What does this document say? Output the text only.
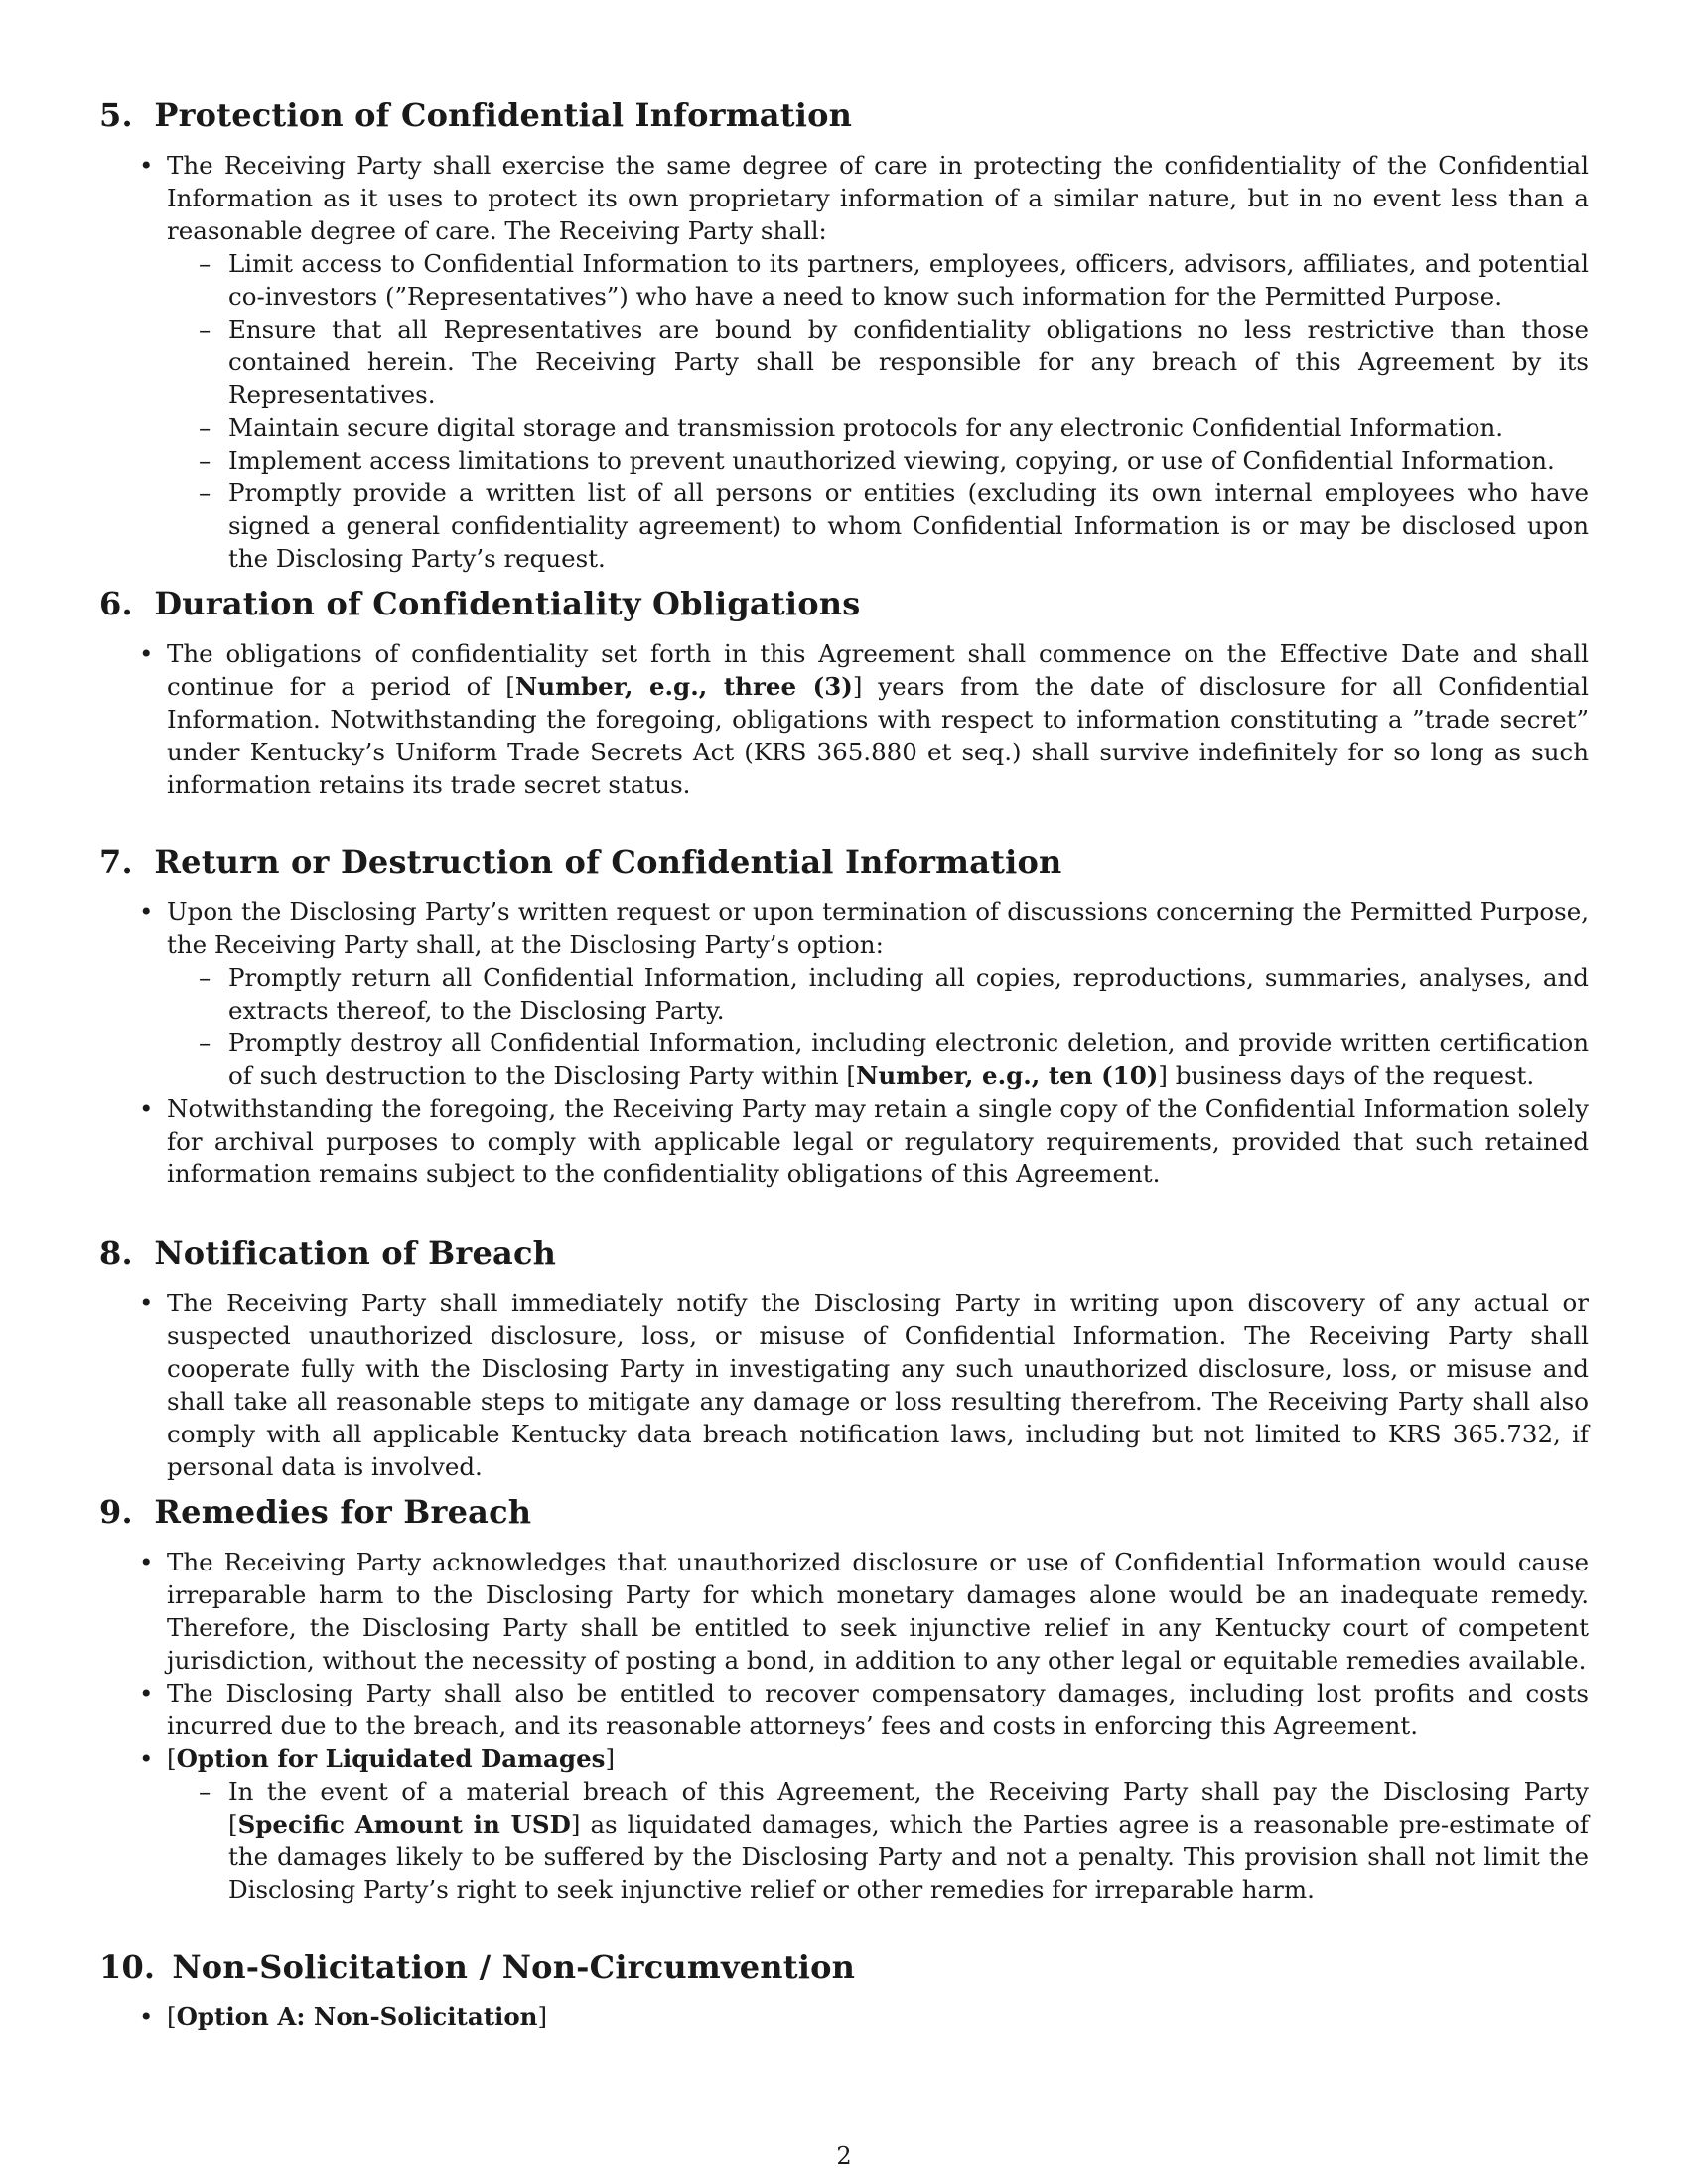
5. Protection of Confidential Information
• The Receiving Party shall exercise the same degree of care in protecting the confidentiality of the Confidential Information as it uses to protect its own proprietary information of a similar nature, but in no event less than a reasonable degree of care. The Receiving Party shall:
– Limit access to Confidential Information to its partners, employees, officers, advisors, affiliates, and potential co-investors (”Representatives”) who have a need to know such information for the Permitted Purpose.
– Ensure that all Representatives are bound by confidentiality obligations no less restrictive than those contained herein. The Receiving Party shall be responsible for any breach of this Agreement by its Representatives.
– Maintain secure digital storage and transmission protocols for any electronic Confidential Information.
– Implement access limitations to prevent unauthorized viewing, copying, or use of Confidential Information.
– Promptly provide a written list of all persons or entities (excluding its own internal employees who have signed a general confidentiality agreement) to whom Confidential Information is or may be disclosed upon the Disclosing Party’s request.
6. Duration of Confidentiality Obligations
• The obligations of confidentiality set forth in this Agreement shall commence on the Effective Date and shall continue for a period of [Number, e.g., three (3)] years from the date of disclosure for all Confidential Information. Notwithstanding the foregoing, obligations with respect to information constituting a ”trade secret” under Kentucky’s Uniform Trade Secrets Act (KRS 365.880 et seq.) shall survive indefinitely for so long as such information retains its trade secret status.
7. Return or Destruction of Confidential Information
• Upon the Disclosing Party’s written request or upon termination of discussions concerning the Permitted Purpose, the Receiving Party shall, at the Disclosing Party’s option:
– Promptly return all Confidential Information, including all copies, reproductions, summaries, analyses, and extracts thereof, to the Disclosing Party.
– Promptly destroy all Confidential Information, including electronic deletion, and provide written certification of such destruction to the Disclosing Party within [Number, e.g., ten (10)] business days of the request.
• Notwithstanding the foregoing, the Receiving Party may retain a single copy of the Confidential Information solely for archival purposes to comply with applicable legal or regulatory requirements, provided that such retained information remains subject to the confidentiality obligations of this Agreement.
8. Notification of Breach
• The Receiving Party shall immediately notify the Disclosing Party in writing upon discovery of any actual or suspected unauthorized disclosure, loss, or misuse of Confidential Information. The Receiving Party shall cooperate fully with the Disclosing Party in investigating any such unauthorized disclosure, loss, or misuse and shall take all reasonable steps to mitigate any damage or loss resulting therefrom. The Receiving Party shall also comply with all applicable Kentucky data breach notification laws, including but not limited to KRS 365.732, if personal data is involved.
9. Remedies for Breach
• The Receiving Party acknowledges that unauthorized disclosure or use of Confidential Information would cause irreparable harm to the Disclosing Party for which monetary damages alone would be an inadequate remedy. Therefore, the Disclosing Party shall be entitled to seek injunctive relief in any Kentucky court of competent jurisdiction, without the necessity of posting a bond, in addition to any other legal or equitable remedies available.
• The Disclosing Party shall also be entitled to recover compensatory damages, including lost profits and costs incurred due to the breach, and its reasonable attorneys’ fees and costs in enforcing this Agreement.
• [Option for Liquidated Damages]
– In the event of a material breach of this Agreement, the Receiving Party shall pay the Disclosing Party [Specific Amount in USD] as liquidated damages, which the Parties agree is a reasonable pre-estimate of the damages likely to be suffered by the Disclosing Party and not a penalty. This provision shall not limit the Disclosing Party’s right to seek injunctive relief or other remedies for irreparable harm.
10. Non-Solicitation / Non-Circumvention
• [Option A: Non-Solicitation]
2
